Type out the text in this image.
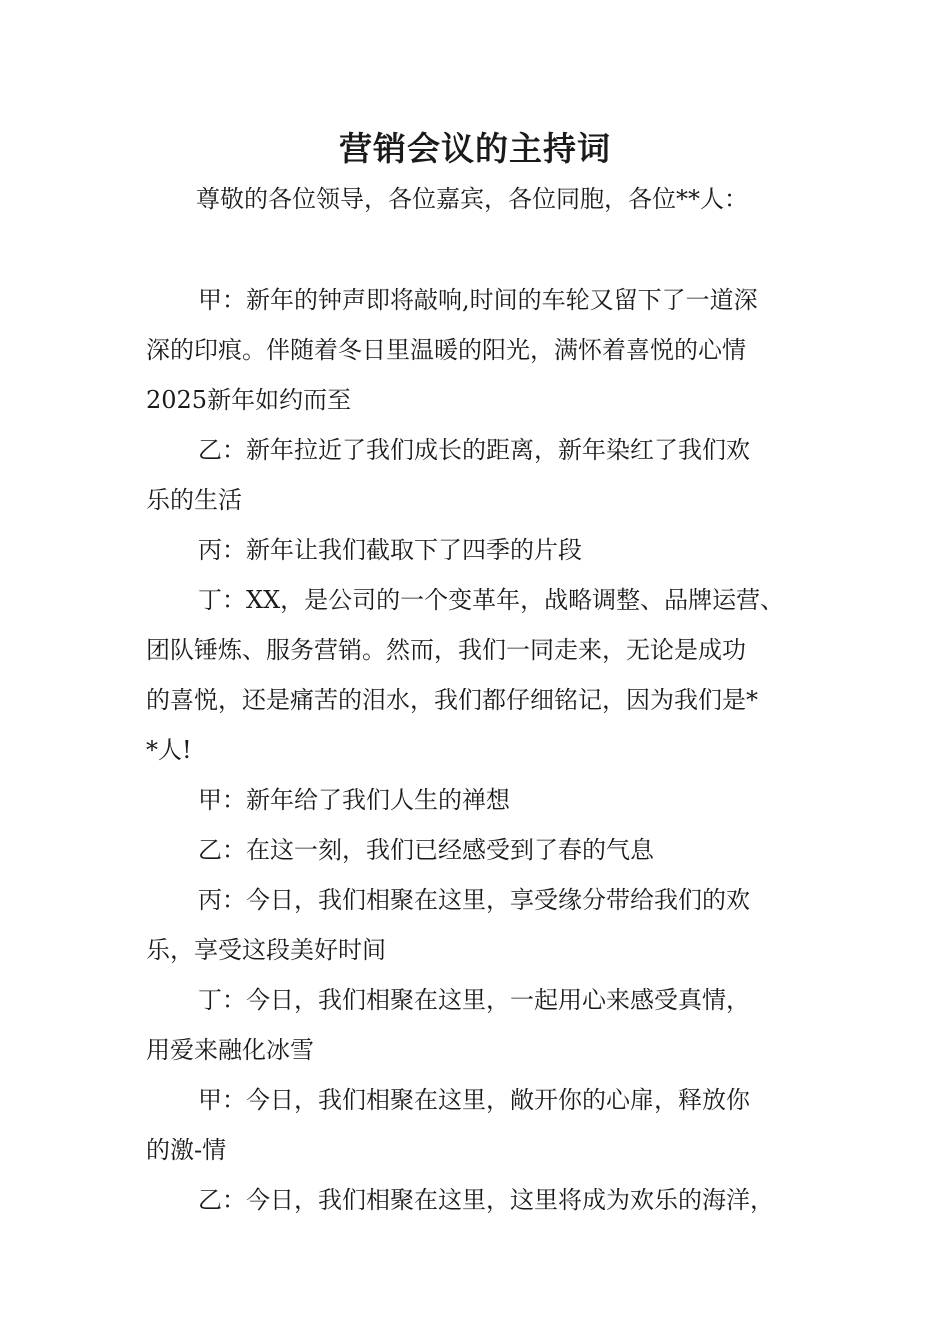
营销会议的主持词
尊敬的各位领导，各位嘉宾，各位同胞，各位**人：
甲：新年的钟声即将敲响,时间的车轮又留下了一道深
深的印痕。伴随着冬日里温暖的阳光，满怀着喜悦的心情
2025新年如约而至
乙：新年拉近了我们成长的距离，新年染红了我们欢
乐的生活
丙：新年让我们截取下了四季的片段
丁：XX，是公司的一个变革年，战略调整、品牌运营、
团队锤炼、服务营销。然而，我们一同走来，无论是成功
的喜悦，还是痛苦的泪水，我们都仔细铭记，因为我们是*
*人!
甲：新年给了我们人生的禅想
乙：在这一刻，我们已经感受到了春的气息
丙：今日，我们相聚在这里，享受缘分带给我们的欢
乐，享受这段美好时间
丁：今日，我们相聚在这里，一起用心来感受真情，
用爱来融化冰雪
甲：今日，我们相聚在这里，敞开你的心扉，释放你
的激-情
乙：今日，我们相聚在这里，这里将成为欢乐的海洋，
